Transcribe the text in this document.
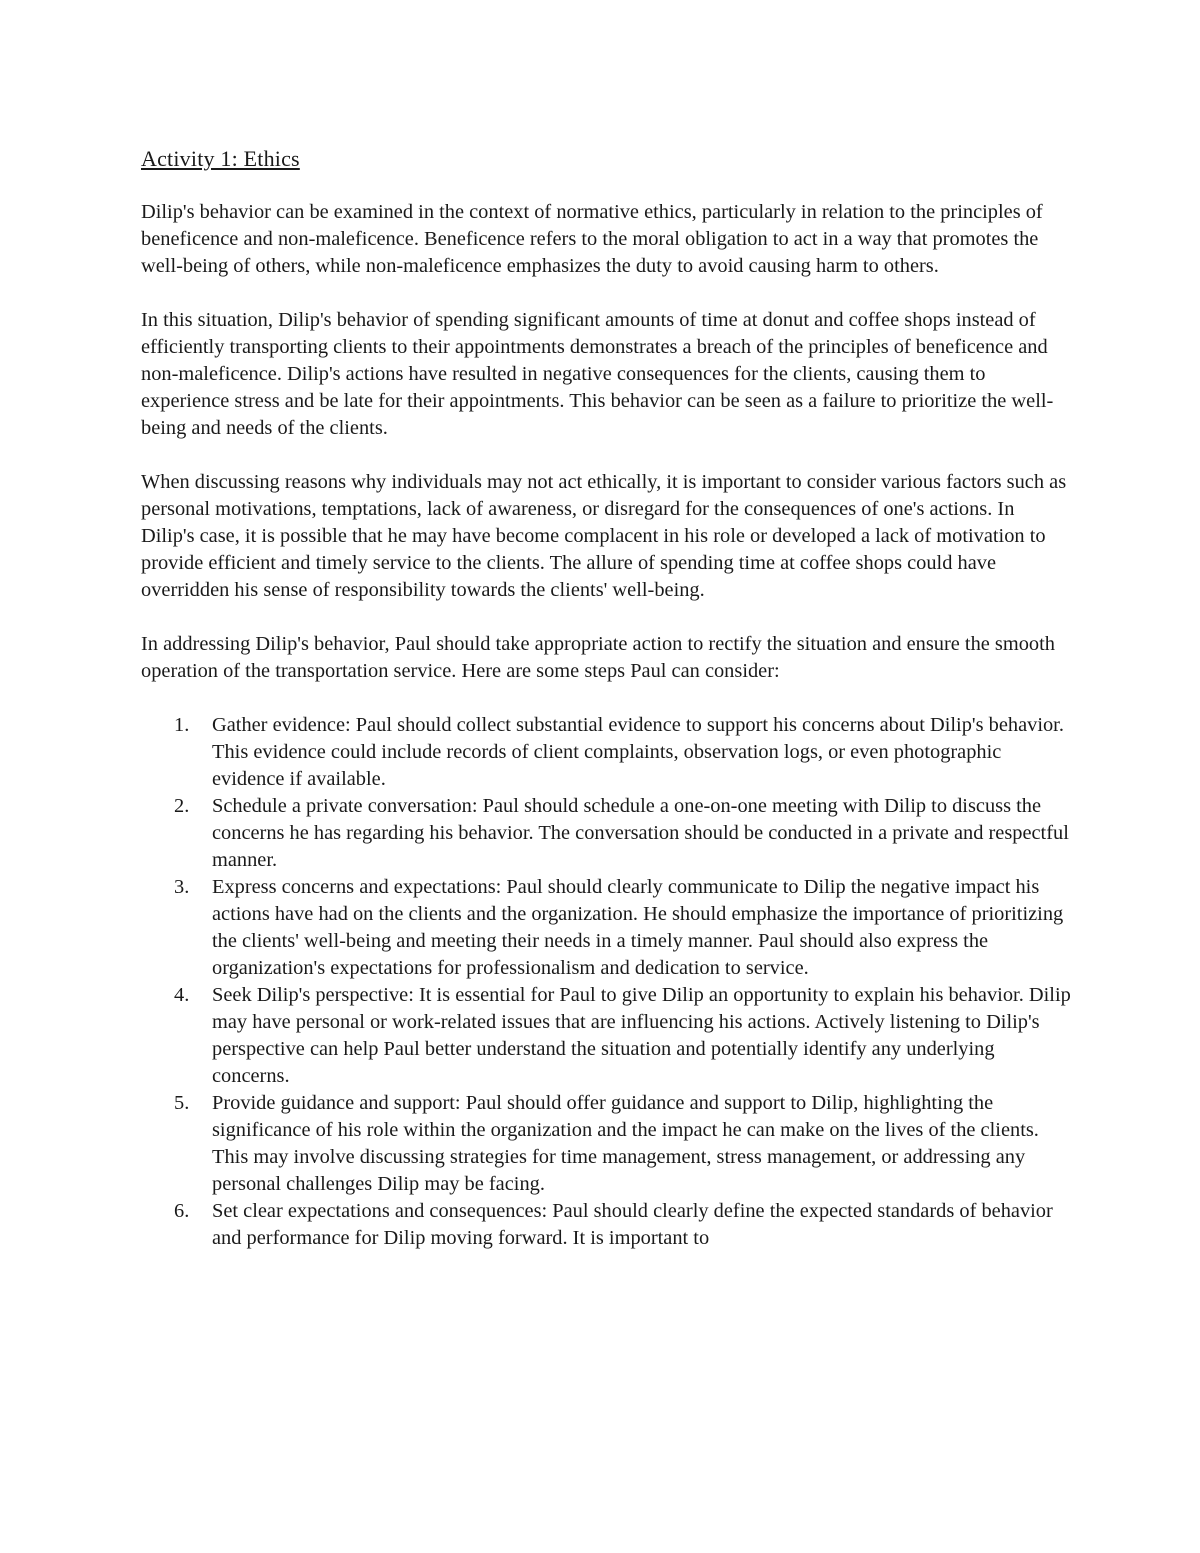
Activity 1: Ethics

Dilip's behavior can be examined in the context of normative ethics, particularly in relation to the principles of beneficence and non-maleficence. Beneficence refers to the moral obligation to act in a way that promotes the well-being of others, while non-maleficence emphasizes the duty to avoid causing harm to others.

In this situation, Dilip's behavior of spending significant amounts of time at donut and coffee shops instead of efficiently transporting clients to their appointments demonstrates a breach of the principles of beneficence and non-maleficence. Dilip's actions have resulted in negative consequences for the clients, causing them to experience stress and be late for their appointments. This behavior can be seen as a failure to prioritize the well-being and needs of the clients.

When discussing reasons why individuals may not act ethically, it is important to consider various factors such as personal motivations, temptations, lack of awareness, or disregard for the consequences of one's actions. In Dilip's case, it is possible that he may have become complacent in his role or developed a lack of motivation to provide efficient and timely service to the clients. The allure of spending time at coffee shops could have overridden his sense of responsibility towards the clients' well-being.

In addressing Dilip's behavior, Paul should take appropriate action to rectify the situation and ensure the smooth operation of the transportation service. Here are some steps Paul can consider:

1. Gather evidence: Paul should collect substantial evidence to support his concerns about Dilip's behavior. This evidence could include records of client complaints, observation logs, or even photographic evidence if available.
2. Schedule a private conversation: Paul should schedule a one-on-one meeting with Dilip to discuss the concerns he has regarding his behavior. The conversation should be conducted in a private and respectful manner.
3. Express concerns and expectations: Paul should clearly communicate to Dilip the negative impact his actions have had on the clients and the organization. He should emphasize the importance of prioritizing the clients' well-being and meeting their needs in a timely manner. Paul should also express the organization's expectations for professionalism and dedication to service.
4. Seek Dilip's perspective: It is essential for Paul to give Dilip an opportunity to explain his behavior. Dilip may have personal or work-related issues that are influencing his actions. Actively listening to Dilip's perspective can help Paul better understand the situation and potentially identify any underlying concerns.
5. Provide guidance and support: Paul should offer guidance and support to Dilip, highlighting the significance of his role within the organization and the impact he can make on the lives of the clients. This may involve discussing strategies for time management, stress management, or addressing any personal challenges Dilip may be facing.
6. Set clear expectations and consequences: Paul should clearly define the expected standards of behavior and performance for Dilip moving forward. It is important to
